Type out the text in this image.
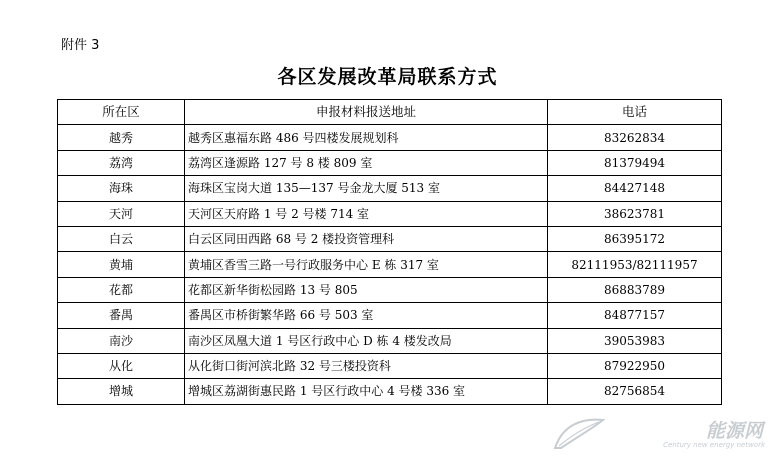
附件 3
各区发展改革局联系方式
所在区	申报材料报送地址	电话
越秀	越秀区惠福东路 486 号四楼发展规划科	83262834
荔湾	荔湾区逢源路 127 号 8 楼 809 室	81379494
海珠	海珠区宝岗大道 135—137 号金龙大厦 513 室	84427148
天河	天河区天府路 1 号 2 号楼 714 室	38623781
白云	白云区同田西路 68 号 2 楼投资管理科	86395172
黄埔	黄埔区香雪三路一号行政服务中心 E 栋 317 室	82111953/82111957
花都	花都区新华街松园路 13 号 805	86883789
番禺	番禺区市桥街繁华路 66 号 503 室	84877157
南沙	南沙区凤凰大道 1 号区行政中心 D 栋 4 楼发改局	39053983
从化	从化街口街河滨北路 32 号三楼投资科	87922950
增城	增城区荔湖街惠民路 1 号区行政中心 4 号楼 336 室	82756854
能源网
Century new energy network
